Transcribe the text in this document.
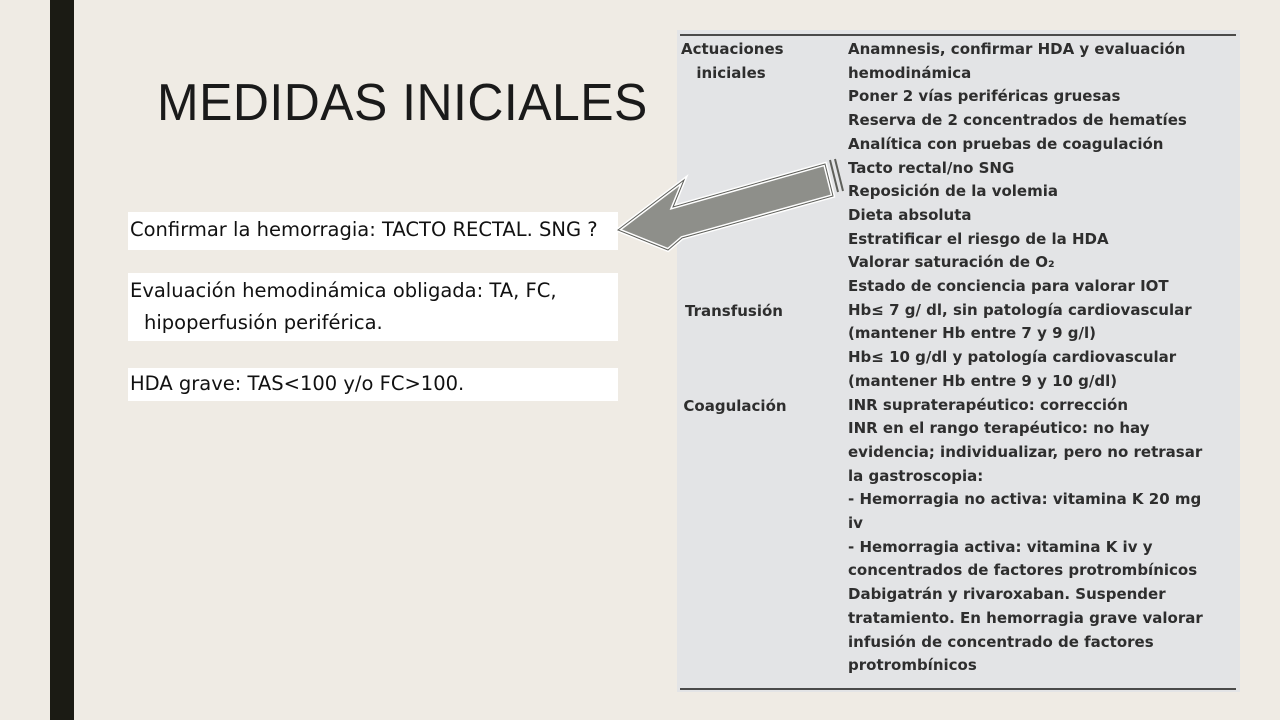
MEDIDAS INICIALES
Confirmar la hemorragia: TACTO RECTAL. SNG ?
Evaluación hemodinámica obligada: TA, FC,
hipoperfusión periférica.
HDA grave: TAS<100 y/o FC>100.
Actuaciones
iniciales
Transfusión
Coagulación
Anamnesis, confirmar HDA y evaluación
hemodinámica
Poner 2 vías periféricas gruesas
Reserva de 2 concentrados de hematíes
Analítica con pruebas de coagulación
Tacto rectal/no SNG
Reposición de la volemia
Dieta absoluta
Estratificar el riesgo de la HDA
Valorar saturación de O₂
Estado de conciencia para valorar IOT
Hb≤ 7 g/ dl, sin patología cardiovascular
(mantener Hb entre 7 y 9 g/l)
Hb≤ 10 g/dl y patología cardiovascular
(mantener Hb entre 9 y 10 g/dl)
INR supraterapéutico: corrección
INR en el rango terapéutico: no hay
evidencia; individualizar, pero no retrasar
la gastroscopia:
- Hemorragia no activa: vitamina K 20 mg
iv
- Hemorragia activa: vitamina K iv y
concentrados de factores protrombínicos
Dabigatrán y rivaroxaban. Suspender
tratamiento. En hemorragia grave valorar
infusión de concentrado de factores
protrombínicos
